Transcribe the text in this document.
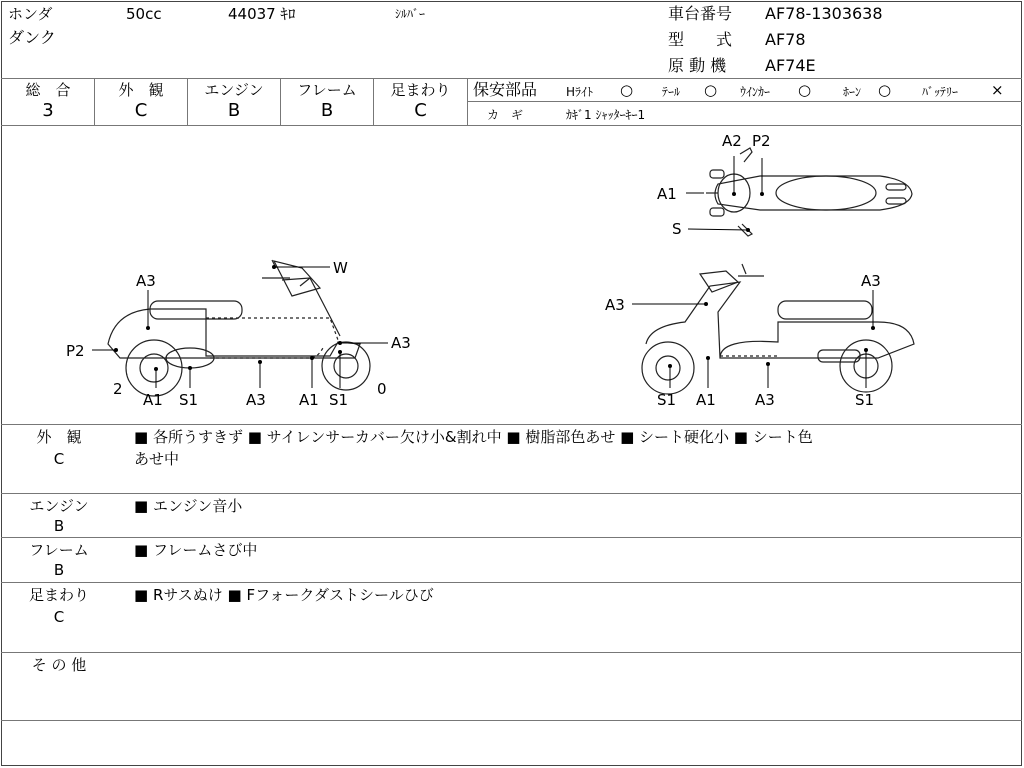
ホンダ
ダンク
50cc	44037 ｷﾛ	ｼﾙﾊﾞｰ	車台番号 AF78-1303638
型　　式 AF78
原 動 機 AF74E
総　合
3
外　観
C
エンジン
B
フレーム
B
足まわり
C
保安部品 Hﾗｲﾄ ○ ﾃｰﾙ ○ ｳｲﾝｶｰ ○	ﾎｰﾝ ○	ﾊﾞｯﾃﾘｰ ×
カ　ギ	ｶｷﾞ1 ｼｬｯﾀｰｷｰ1
A2 P2
A1
S
W
A3
A3
P2
2
A1 S1	A3 A1 S1
0
A3
A3
S1 A1	A3	S1
外　観
C
■ 各所うすきず ■ サイレンサーカバー欠け小&割れ中 ■ 樹脂部色あせ ■ シート硬化小 ■ シート色
あせ中
エンジン
B
■ エンジン音小
フレーム
B
■ フレームさび中
足まわり
C
■ Rサスぬけ ■ Fフォークダストシールひび
そ の 他
